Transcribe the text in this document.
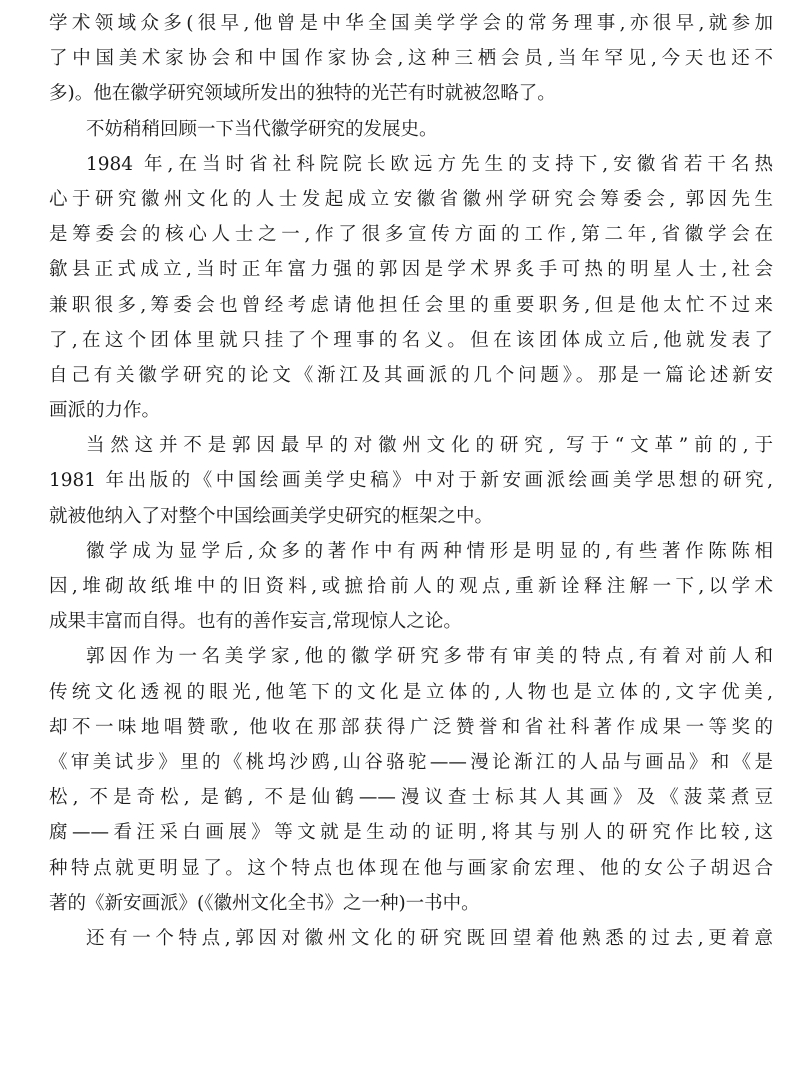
学术领域众多(很早,他曾是中华全国美学学会的常务理事,亦很早,就参加
了中国美术家协会和中国作家协会,这种三栖会员,当年罕见,今天也还不
多)。他在徽学研究领域所发出的独特的光芒有时就被忽略了。
不妨稍稍回顾一下当代徽学研究的发展史。
1984 年,在当时省社科院院长欧远方先生的支持下,安徽省若干名热
心于研究徽州文化的人士发起成立安徽省徽州学研究会筹委会, 郭因先生
是筹委会的核心人士之一,作了很多宣传方面的工作,第二年,省徽学会在
歙县正式成立,当时正年富力强的郭因是学术界炙手可热的明星人士,社会
兼职很多,筹委会也曾经考虑请他担任会里的重要职务,但是他太忙不过来
了,在这个团体里就只挂了个理事的名义。但在该团体成立后,他就发表了
自己有关徽学研究的论文《渐江及其画派的几个问题》。那是一篇论述新安
画派的力作。
当然这并不是郭因最早的对徽州文化的研究, 写于“文革”前的,于
1981 年出版的《中国绘画美学史稿》中对于新安画派绘画美学思想的研究,
就被他纳入了对整个中国绘画美学史研究的框架之中。
徽学成为显学后,众多的著作中有两种情形是明显的,有些著作陈陈相
因,堆砌故纸堆中的旧资料,或摭拾前人的观点,重新诠释注解一下,以学术
成果丰富而自得。也有的善作妄言,常现惊人之论。
郭因作为一名美学家,他的徽学研究多带有审美的特点,有着对前人和
传统文化透视的眼光,他笔下的文化是立体的,人物也是立体的,文字优美,
却不一味地唱赞歌, 他收在那部获得广泛赞誉和省社科著作成果一等奖的
《审美试步》里的《桃坞沙鸥,山谷骆驼——漫论渐江的人品与画品》和《是
松, 不是奇松, 是鹤, 不是仙鹤——漫议查士标其人其画》及《菠菜煮豆
腐——看汪采白画展》等文就是生动的证明,将其与别人的研究作比较,这
种特点就更明显了。这个特点也体现在他与画家俞宏理、他的女公子胡迟合
著的《新安画派》(《徽州文化全书》之一种)一书中。
还有一个特点,郭因对徽州文化的研究既回望着他熟悉的过去,更着意
